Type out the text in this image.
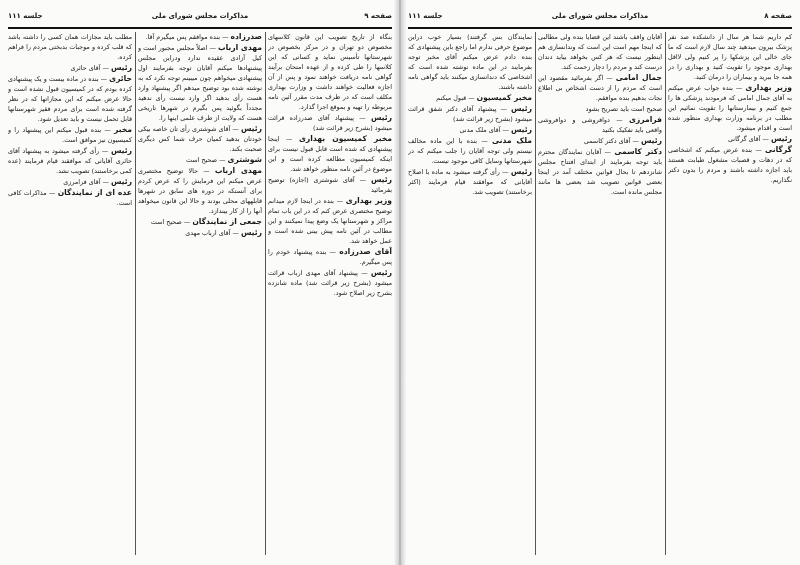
صفحه ۹
مذاکرات مجلس شورای ملی
جلسه ۱۱۱

بنگاه از تاریخ تصویب این قانون کلاسهای مخصوص دو تهران و در مرکز بخصوص در شهرستانها تأسیس نماید و کسانی که این کلاسها را طی کرده و از عهده امتحان برآیند گواهی نامه دریافت خواهند نمود و پس از آن اجازه فعالیت خواهند داشت و وزارت بهداری مکلف است که در ظرف مدت مقرر آئین نامه مربوطه را تهیه و بموقع اجرا گذارد.

رئیس — پیشنهاد آقای صدرزاده قرائت میشود (بشرح زیر قرائت شد)

مخبر کمیسیون بهداری — اینجا پیشنهادی که شده است قابل قبول نیست برای اینکه کمیسیون مطالعه کرده است و این موضوع در آئین نامه منظور خواهد شد.

رئیس — آقای شوشتری (اجازه) توضیح بفرمائید

وزیر بهداری — بنده در اینجا لازم میدانم توضیح مختصری عرض کنم که در این باب تمام مراکز و شهرستانها یک وضع پیدا نمیکنند و این مطالب در آئین نامه پیش بینی شده است و عمل خواهد شد.

آقای صدرزاده — بنده پیشنهاد خودم را پس میگیرم.

رئیس — پیشنهاد آقای مهدی ارباب قرائت میشود (بشرح زیر قرائت شد) ماده شانزده بشرح زیر اصلاح شود.

صدرزاده — بنده موافقم پس میگیرم آقا.

مهدی ارباب — اصلاً مجلس مجبور است و کیل آزادی عقیده ندارد ودراین مجلس پیشنهادها میکنم آقایان توجه بفرمایند اول پیشنهادی میخواهم چون میبینم توجه نکرد که به نوشته شده بود توضیح میدهم اگر پیشنهاد وارد هست رأی بدهید اگر وارد نیست رأی ندهید مجدداً بگوئید پس بگیرم در شهرها تاریخی هست که ولایت از طرف علمی اینها را.

رئیس — آقای شوشتری رأی تان خاصه بیکی خودتان بدهید کمیان حرف شما کس دیگری صحبت بکند.

شوشتری — صحیح است

مهدی ارباب — حالا توضیح مختصری عرض میکنم این فرمایش را که عرض کردم برای آنستکه در دوره های سابق در شهرها قابلههای محلی بودند و حالا این قانون میخواهد آنها را از کار بیندازد.

جمعی از نمایندگان — صحیح است

رئیس — آقای ارباب مهدی

مطلب باید مجازات همان کسی را داشته باشد که قلب کرده و موجبات بدبختی مردم را فراهم کرده.

رئیس — آقای حائری

حائری — بنده در ماده بیست و یک پیشنهادی کرده بودم که در کمیسیون قبول نشده است و حالا عرض میکنم که این مجازاتها که در نظر گرفته شده است برای مردم فقیر شهرستانها قابل تحمل نیست و باید تعدیل شود.

مخبر — بنده قبول میکنم این پیشنهاد را و کمیسیون نیز موافق است.

رئیس — رأی گرفته میشود به پیشنهاد آقای حائری آقایانی که موافقند قیام فرمایند (عده کمی برخاستند) تصویب نشد.

رئیس — آقای فرامرزی

عده ای از نمایندگان — مذاکرات کافی است.

صفحه ۸
مذاکرات مجلس شورای ملی
جلسه ۱۱۱

کم داریم شما هر سال از دانشکده صد نفر پزشک بیرون میدهید چند سال لازم است که ما جای خالی این پزشکها را پر کنیم ولی لااقل بهداری موجود را تقویت کنید و بهداری را در همه جا ببرید و بیماران را درمان کنید.

وزیر بهداری — بنده جواب عرض میکنم به آقای جمال امامی که فرمودند پزشکی ها را جمع کنیم و بیمارستانها را تقویت نمائیم این مطلب در برنامه وزارت بهداری منظور شده است و اقدام میشود.

رئیس — آقای گرگانی

گرگانی — بنده عرض میکنم که اشخاصی که در دهات و قصبات مشغول طبابت هستند باید اجازه داشته باشند و مردم را بدون دکتر نگذاریم.

آقایان واقف باشند این قضایا بنده ولی مطالبی که اینجا مهم است این است که وندانسازی هم اینطور نیست که هر کس بخواهد بیاید دندان درست کند و مردم را دچار زحمت کند.

جمال امامی — اگر بفرمائید مقصود این است که مردم را از دست اشخاص بی اطلاع نجات بدهیم بنده موافقم.

صحیح است باید تصریح بشود

فرامرزی — دوافروشی و دوافروشی واقعی باید تفکیک بکنید

رئیس — آقای دکتر کاسمی

دکتر کاسمی — آقایان نمایندگان محترم باید توجه بفرمایند از ابتدای افتتاح مجلس شانزدهم تا بحال قوانین مختلف آمد در اینجا بعضی قوانین تصویب شد بعضی ها مانند مجلس مانده است.

نمایندگان بس گرفتند) بسیار خوب دراین موضوع حرفی ندارم اما راجع باین پیشنهادی که بنده دادم عرض میکنم آقای مخبر توجه بفرمایند در این ماده نوشته شده است که اشخاصی که دندانسازی میکنند باید گواهی نامه داشته باشند.

مخبر کمیسیون — قبول میکنم

رئیس — پیشنهاد آقای دکتر شفق قرائت میشود (بشرح زیر قرائت شد)

رئیس — آقای ملک مدنی

ملک مدنی — بنده با این ماده مخالف نیستم ولی توجه آقایان را جلب میکنم که در شهرستانها وسایل کافی موجود نیست.

رئیس — رأی گرفته میشود به ماده با اصلاح آقایانی که موافقند قیام فرمایند (اکثر برخاستند) تصویب شد.
